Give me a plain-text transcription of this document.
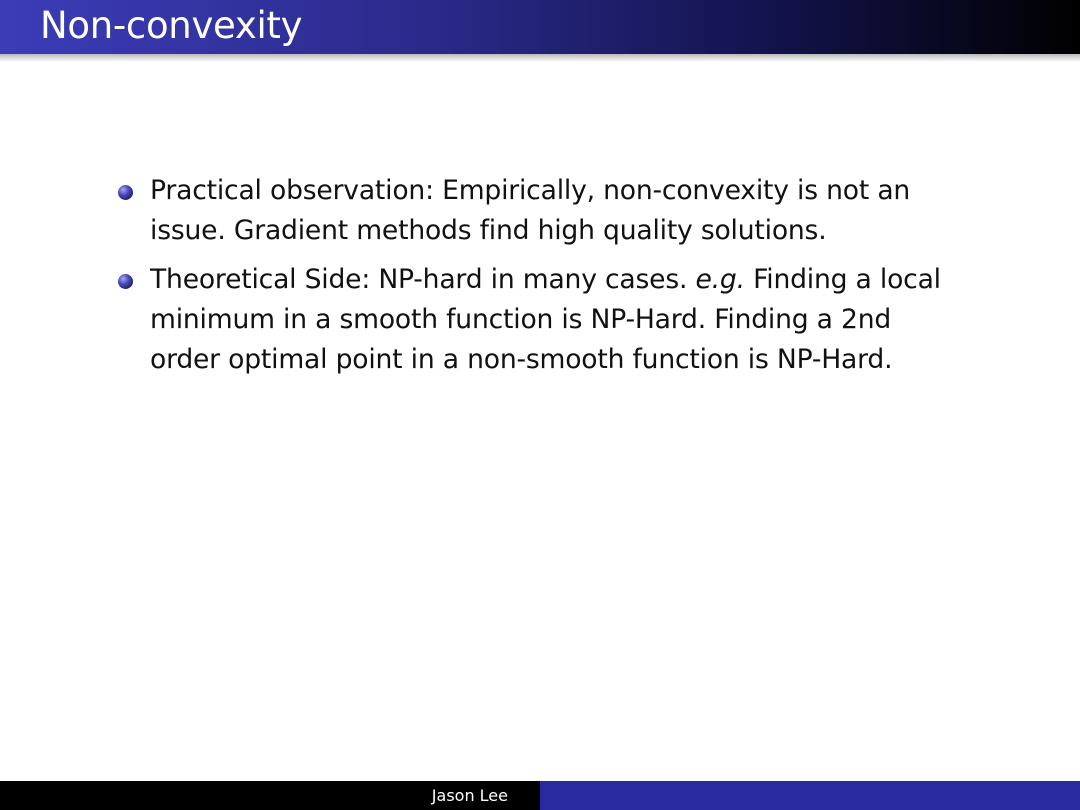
Non-convexity
Practical observation: Empirically, non-convexity is not an
issue. Gradient methods find high quality solutions.
Theoretical Side: NP-hard in many cases. e.g. Finding a local
minimum in a smooth function is NP-Hard. Finding a 2nd
order optimal point in a non-smooth function is NP-Hard.
Jason Lee
